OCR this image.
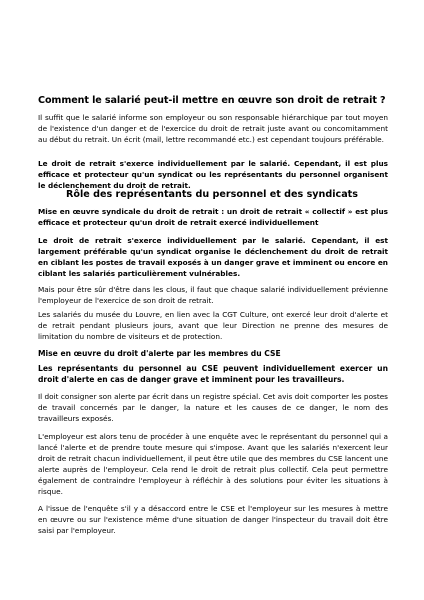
Comment le salarié peut-il mettre en œuvre son droit de retrait ?

Il suffit que le salarié informe son employeur ou son responsable hiérarchique par tout moyen de l'existence d'un danger et de l'exercice du droit de retrait juste avant ou concomitamment au début du retrait. Un écrit (mail, lettre recommandé etc.) est cependant toujours préférable.

Le droit de retrait s'exerce individuellement par le salarié. Cependant, il est plus efficace et protecteur qu'un syndicat ou les représentants du personnel organisent le déclenchement du droit de retrait.

Rôle des représentants du personnel et des syndicats

Mise en œuvre syndicale du droit de retrait : un droit de retrait « collectif » est plus efficace et protecteur qu'un droit de retrait exercé individuellement

Le droit de retrait s'exerce individuellement par le salarié. Cependant, il est largement préférable qu'un syndicat organise le déclenchement du droit de retrait en ciblant les postes de travail exposés à un danger grave et imminent ou encore en ciblant les salariés particulièrement vulnérables.

Mais pour être sûr d'être dans les clous, il faut que chaque salarié individuellement prévienne l'employeur de l'exercice de son droit de retrait.

Les salariés du musée du Louvre, en lien avec la CGT Culture, ont exercé leur droit d'alerte et de retrait pendant plusieurs jours, avant que leur Direction ne prenne des mesures de limitation du nombre de visiteurs et de protection.

Mise en œuvre du droit d'alerte par les membres du CSE

Les représentants du personnel au CSE peuvent individuellement exercer un droit d'alerte en cas de danger grave et imminent pour les travailleurs.

Il doit consigner son alerte par écrit dans un registre spécial. Cet avis doit comporter les postes de travail concernés par le danger, la nature et les causes de ce danger, le nom des travailleurs exposés.

L'employeur est alors tenu de procéder à une enquête avec le représentant du personnel qui a lancé l'alerte et de prendre toute mesure qui s'impose. Avant que les salariés n'exercent leur droit de retrait chacun individuellement, il peut être utile que des membres du CSE lancent une alerte auprès de l'employeur. Cela rend le droit de retrait plus collectif. Cela peut permettre également de contraindre l'employeur à réfléchir à des solutions pour éviter les situations à risque.

A l'issue de l'enquête s'il y a désaccord entre le CSE et l'employeur sur les mesures à mettre en œuvre ou sur l'existence même d'une situation de danger l'inspecteur du travail doit être saisi par l'employeur.
